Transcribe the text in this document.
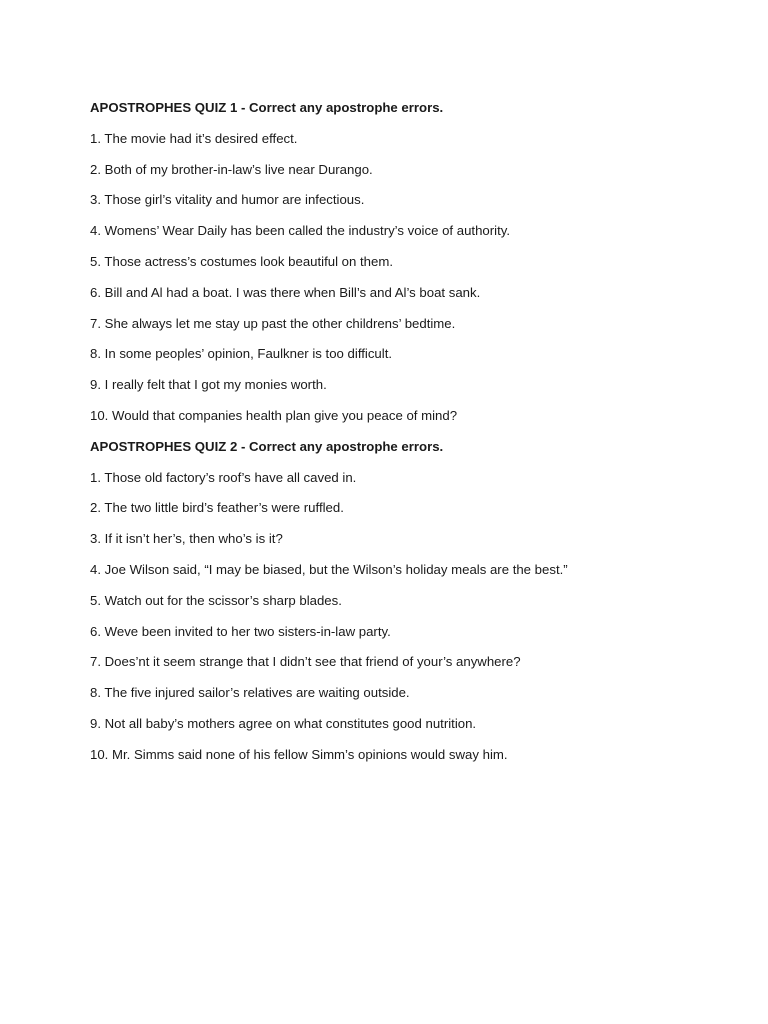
APOSTROPHES QUIZ 1 - Correct any apostrophe errors.
1. The movie had it’s desired effect.
2. Both of my brother-in-law’s live near Durango.
3. Those girl’s vitality and humor are infectious.
4. Womens’ Wear Daily has been called the industry’s voice of authority.
5. Those actress’s costumes look beautiful on them.
6. Bill and Al had a boat. I was there when Bill’s and Al’s boat sank.
7. She always let me stay up past the other childrens’ bedtime.
8. In some peoples’ opinion, Faulkner is too difficult.
9. I really felt that I got my monies worth.
10. Would that companies health plan give you peace of mind?
APOSTROPHES QUIZ 2 - Correct any apostrophe errors.
1. Those old factory’s roof’s have all caved in.
2. The two little bird’s feather’s were ruffled.
3. If it isn’t her’s, then who’s is it?
4. Joe Wilson said, “I may be biased, but the Wilson’s holiday meals are the best.”
5. Watch out for the scissor’s sharp blades.
6. Weve been invited to her two sisters-in-law party.
7. Does’nt it seem strange that I didn’t see that friend of your’s anywhere?
8. The five injured sailor’s relatives are waiting outside.
9. Not all baby’s mothers agree on what constitutes good nutrition.
10. Mr. Simms said none of his fellow Simm’s opinions would sway him.
